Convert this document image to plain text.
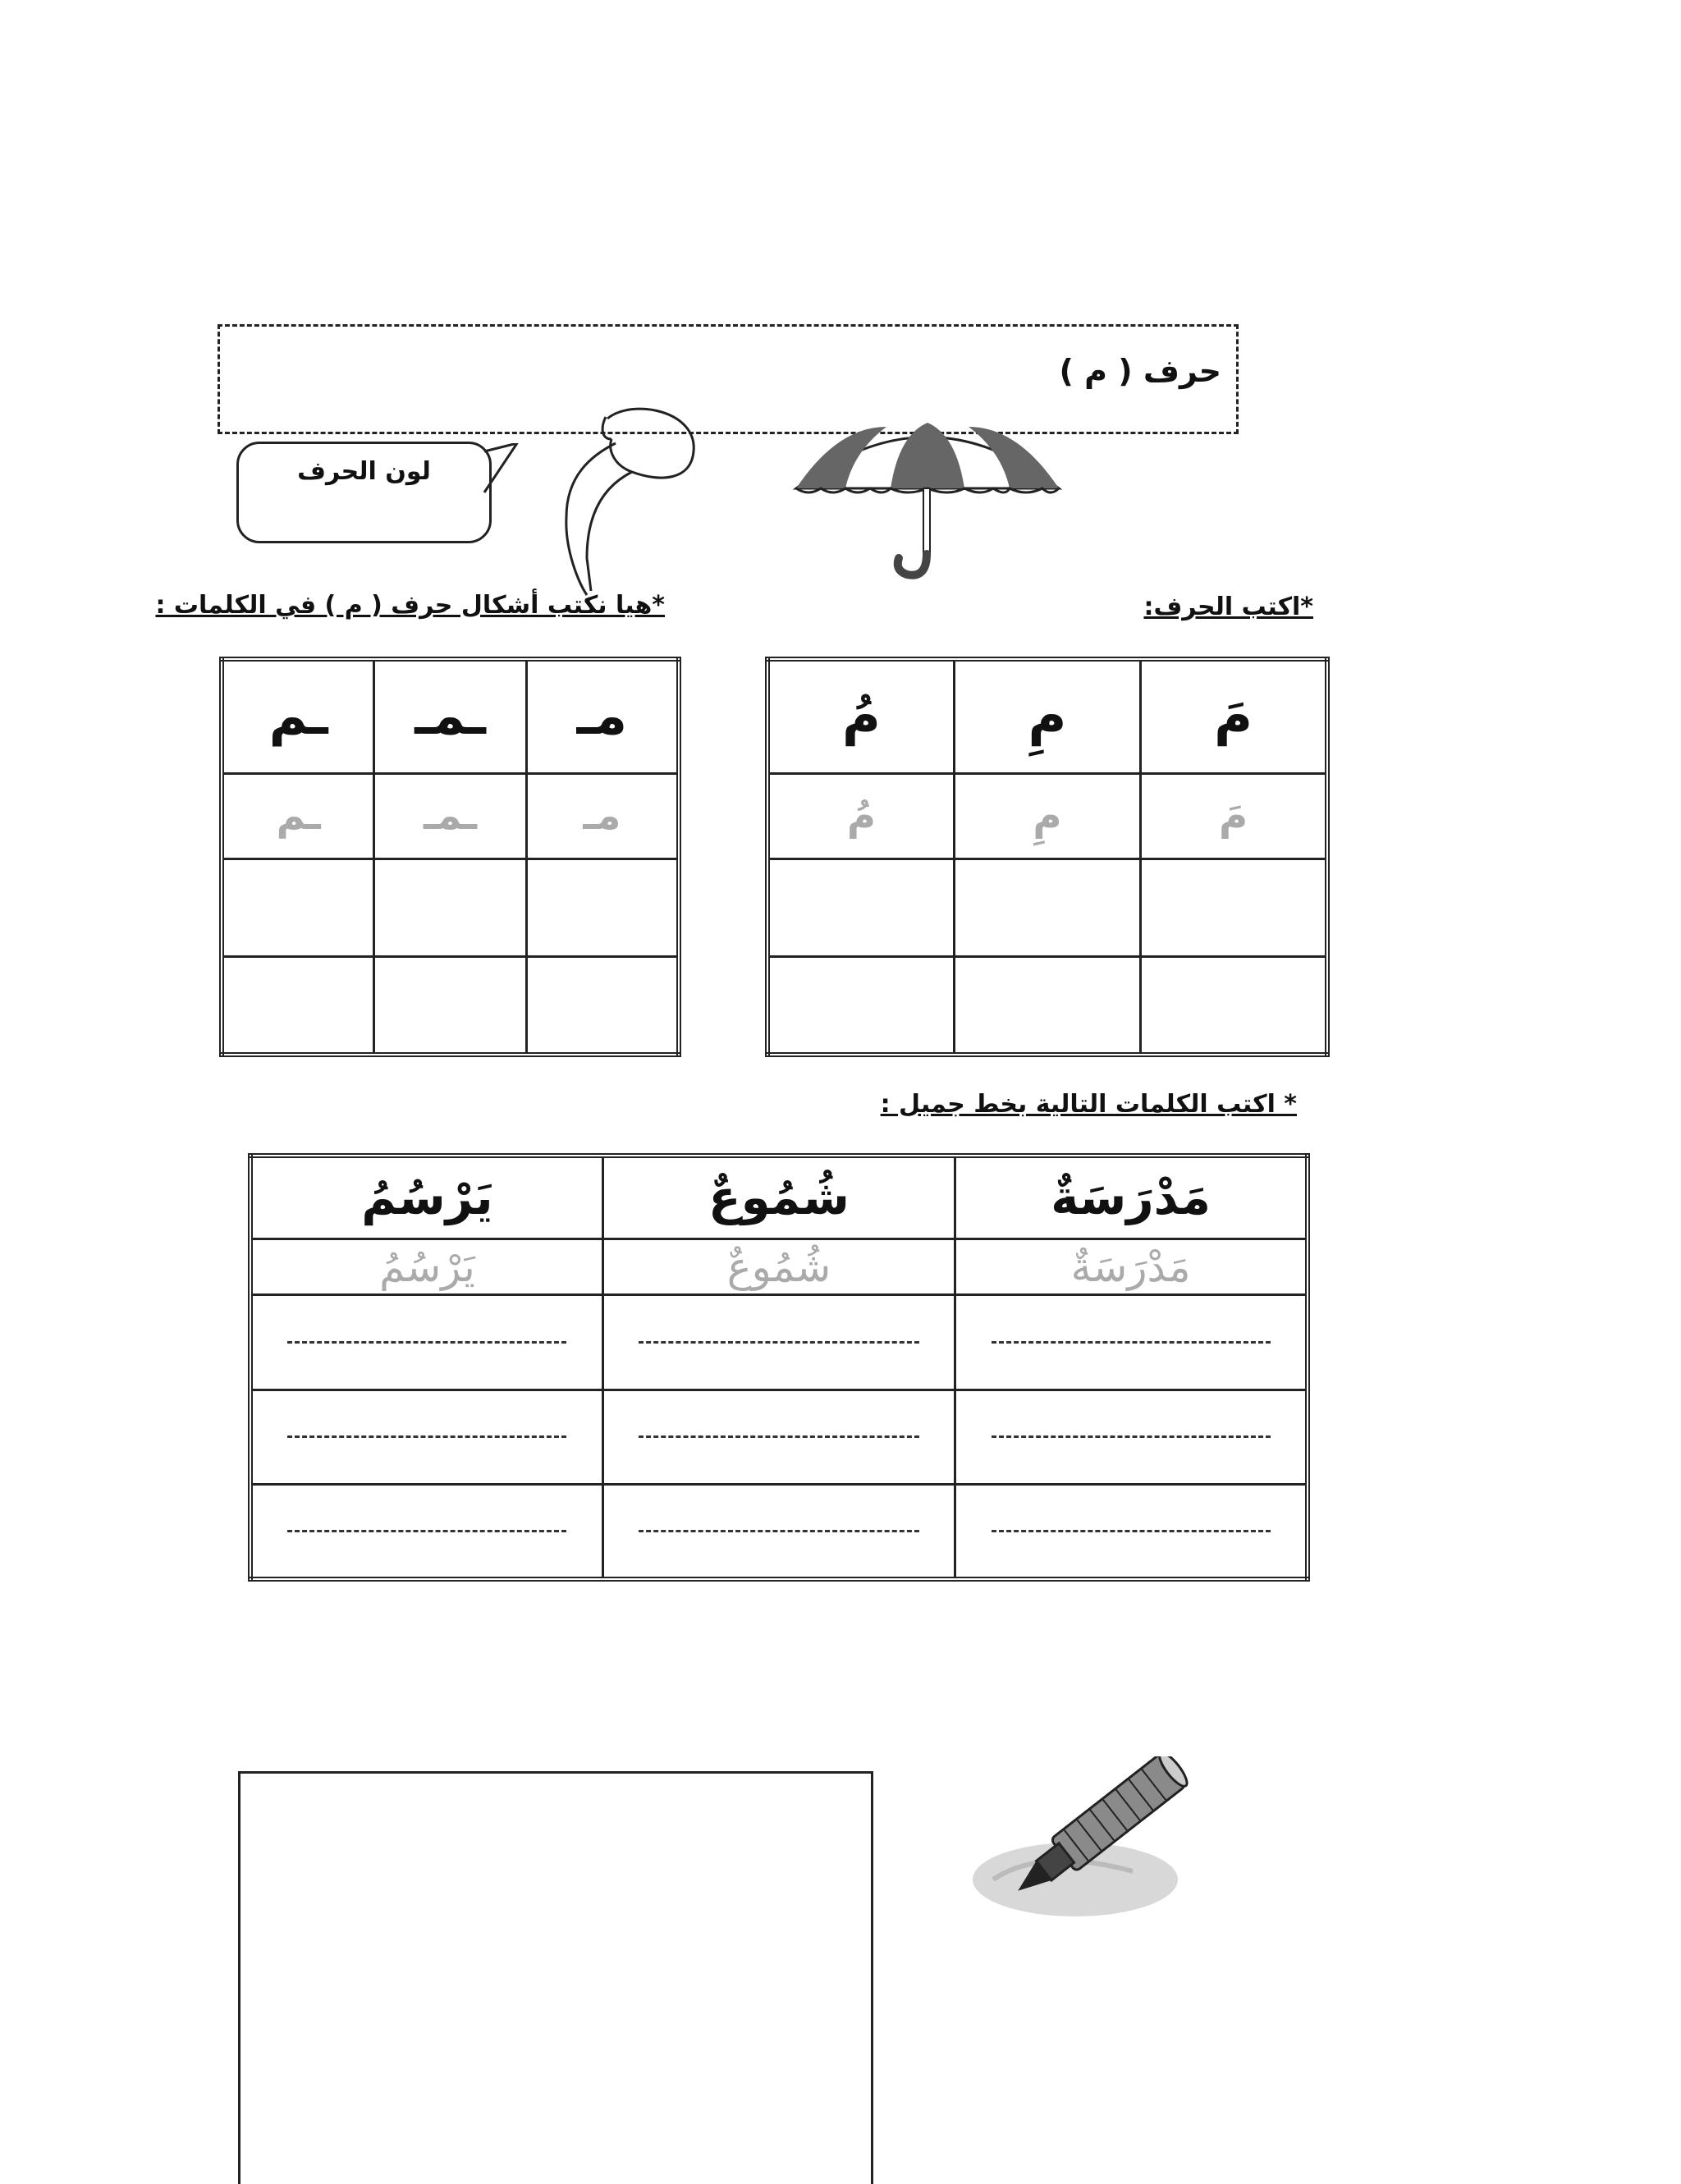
حرف ( م )
لون الحرف
*هيا نكتب أشكال حرف ( م ) في الكلمات :	*اكتب الحرف:
* اكتب الكلمات التالية بخط جميل :
مـ	ـمـ	ـم
مـ	ـمـ	ـم

مَ	مِ	مُ
مَ	مِ	مُ

مَدْرَسَةٌ	شُمُوعٌ	يَرْسُمُ
مَدْرَسَةٌ	شُمُوعٌ	يَرْسُمُ
